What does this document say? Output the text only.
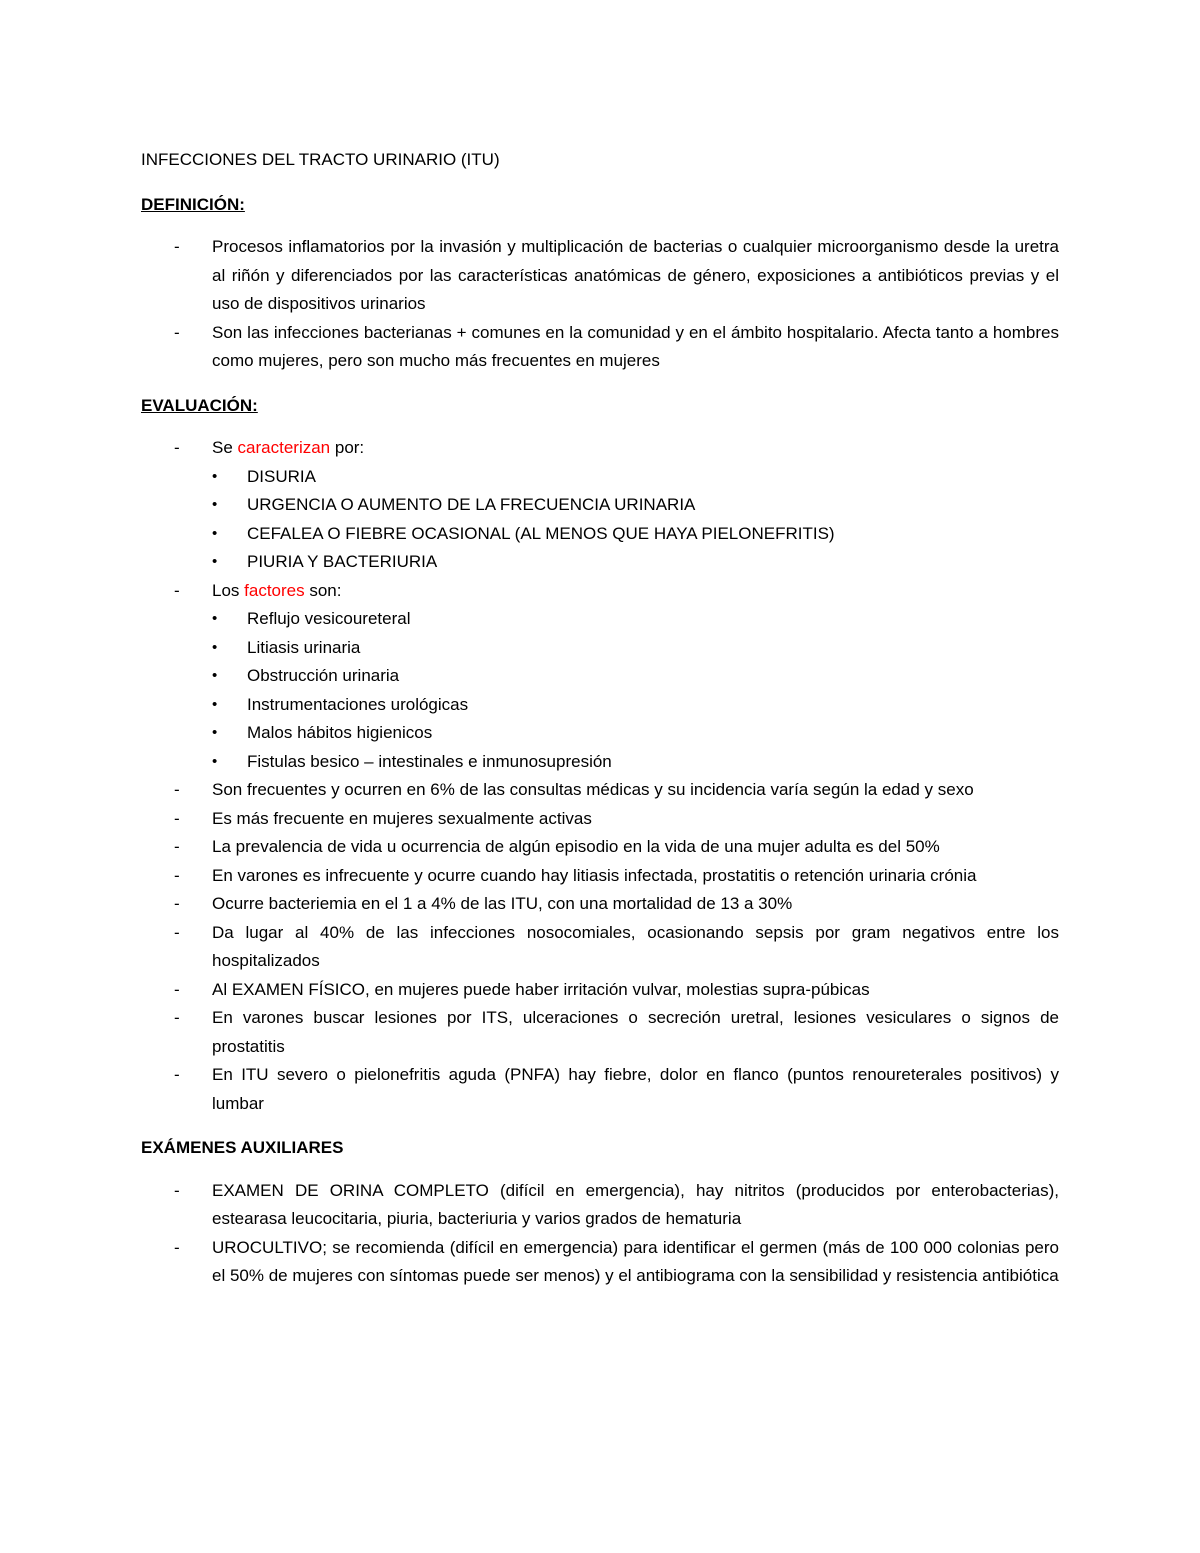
INFECCIONES DEL TRACTO URINARIO (ITU)

DEFINICIÓN:

- Procesos inflamatorios por la invasión y multiplicación de bacterias o cualquier microorganismo desde la uretra al riñón y diferenciados por las características anatómicas de género, exposiciones a antibióticos previas y el uso de dispositivos urinarios
- Son las infecciones bacterianas + comunes en la comunidad y en el ámbito hospitalario. Afecta tanto a hombres como mujeres, pero son mucho más frecuentes en mujeres

EVALUACIÓN:

- Se caracterizan por:
• DISURIA
• URGENCIA O AUMENTO DE LA FRECUENCIA URINARIA
• CEFALEA O FIEBRE OCASIONAL (AL MENOS QUE HAYA PIELONEFRITIS)
• PIURIA Y BACTERIURIA
- Los factores son:
• Reflujo vesicoureteral
• Litiasis urinaria
• Obstrucción urinaria
• Instrumentaciones urológicas
• Malos hábitos higienicos
• Fistulas besico – intestinales e inmunosupresión
- Son frecuentes y ocurren en 6% de las consultas médicas y su incidencia varía según la edad y sexo
- Es más frecuente en mujeres sexualmente activas
- La prevalencia de vida u ocurrencia de algún episodio en la vida de una mujer adulta es del 50%
- En varones es infrecuente y ocurre cuando hay litiasis infectada, prostatitis o retención urinaria crónia
- Ocurre bacteriemia en el 1 a 4% de las ITU, con una mortalidad de 13 a 30%
- Da lugar al 40% de las infecciones nosocomiales, ocasionando sepsis por gram negativos entre los hospitalizados
- Al EXAMEN FÍSICO, en mujeres puede haber irritación vulvar, molestias supra-púbicas
- En varones buscar lesiones por ITS, ulceraciones o secreción uretral, lesiones vesiculares o signos de prostatitis
- En ITU severo o pielonefritis aguda (PNFA) hay fiebre, dolor en flanco (puntos renoureterales positivos) y lumbar

EXÁMENES AUXILIARES

- EXAMEN DE ORINA COMPLETO (difícil en emergencia), hay nitritos (producidos por enterobacterias), estearasa leucocitaria, piuria, bacteriuria y varios grados de hematuria
- UROCULTIVO; se recomienda (difícil en emergencia) para identificar el germen (más de 100 000 colonias pero el 50% de mujeres con síntomas puede ser menos) y el antibiograma con la sensibilidad y resistencia antibiótica
